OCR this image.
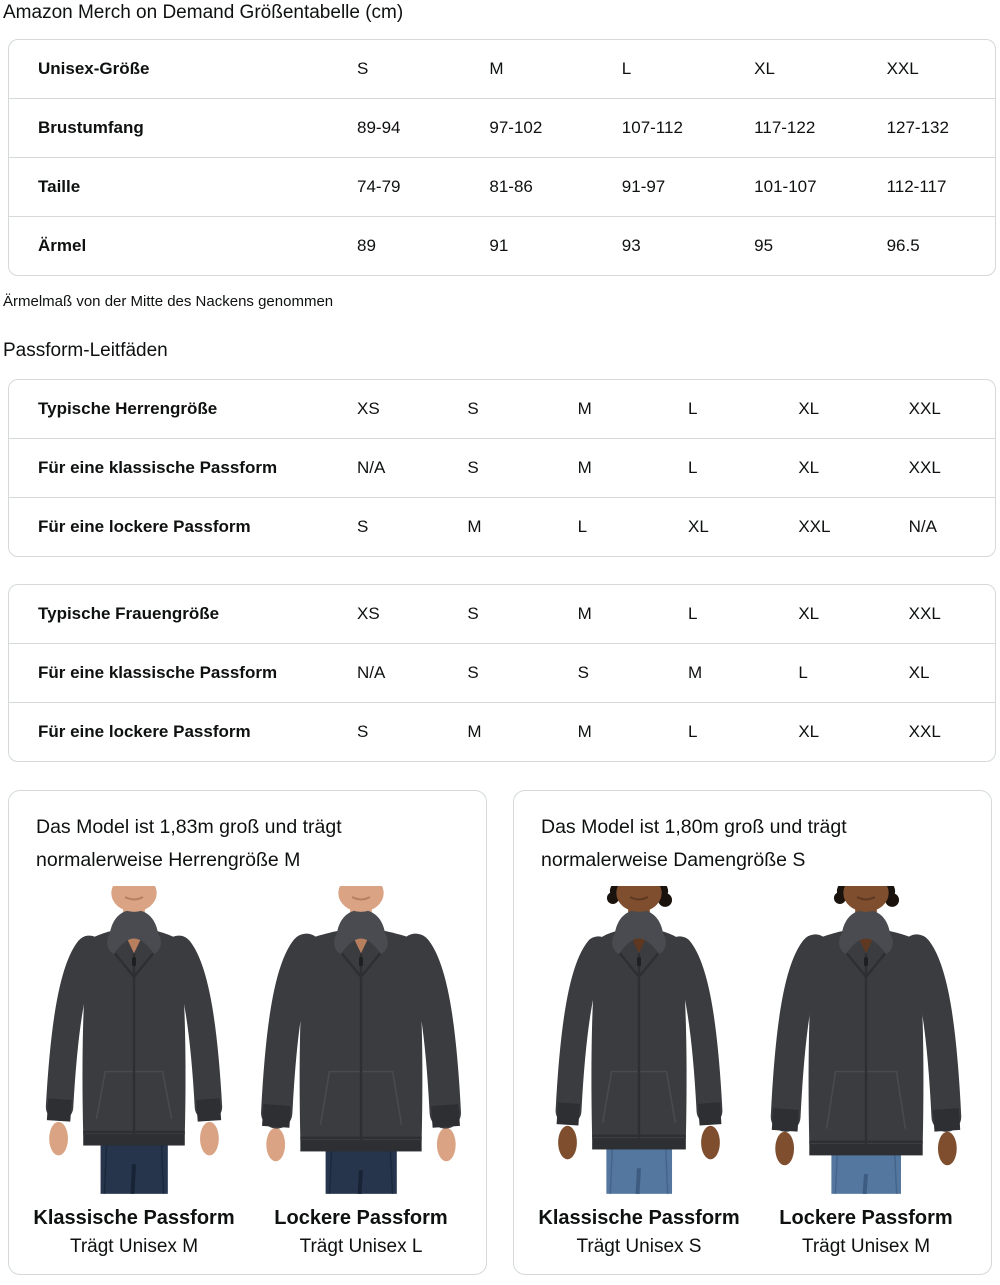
Amazon Merch on Demand Größentabelle (cm)
Unisex-Größe	S	M	L	XL	XXL
Brustumfang	89-94	97-102	107-112	117-122	127-132
Taille	74-79	81-86	91-97	101-107	112-117
Ärmel	89	91	93	95	96.5
Ärmelmaß von der Mitte des Nackens genommen
Passform-Leitfäden
Typische Herrengröße	XS	S	M	L	XL	XXL
Für eine klassische Passform	N/A	S	M	L	XL	XXL
Für eine lockere Passform	S	M	L	XL	XXL	N/A
Typische Frauengröße	XS	S	M	L	XL	XXL
Für eine klassische Passform	N/A	S	S	M	L	XL
Für eine lockere Passform	S	M	M	L	XL	XXL

Das Model ist 1,83m groß und trägt normalerweise Herrengröße M

Klassische Passform
Trägt Unisex M
Lockere Passform
Trägt Unisex L

Das Model ist 1,80m groß und trägt normalerweise Damengröße S

Klassische Passform
Trägt Unisex S
Lockere Passform
Trägt Unisex M
